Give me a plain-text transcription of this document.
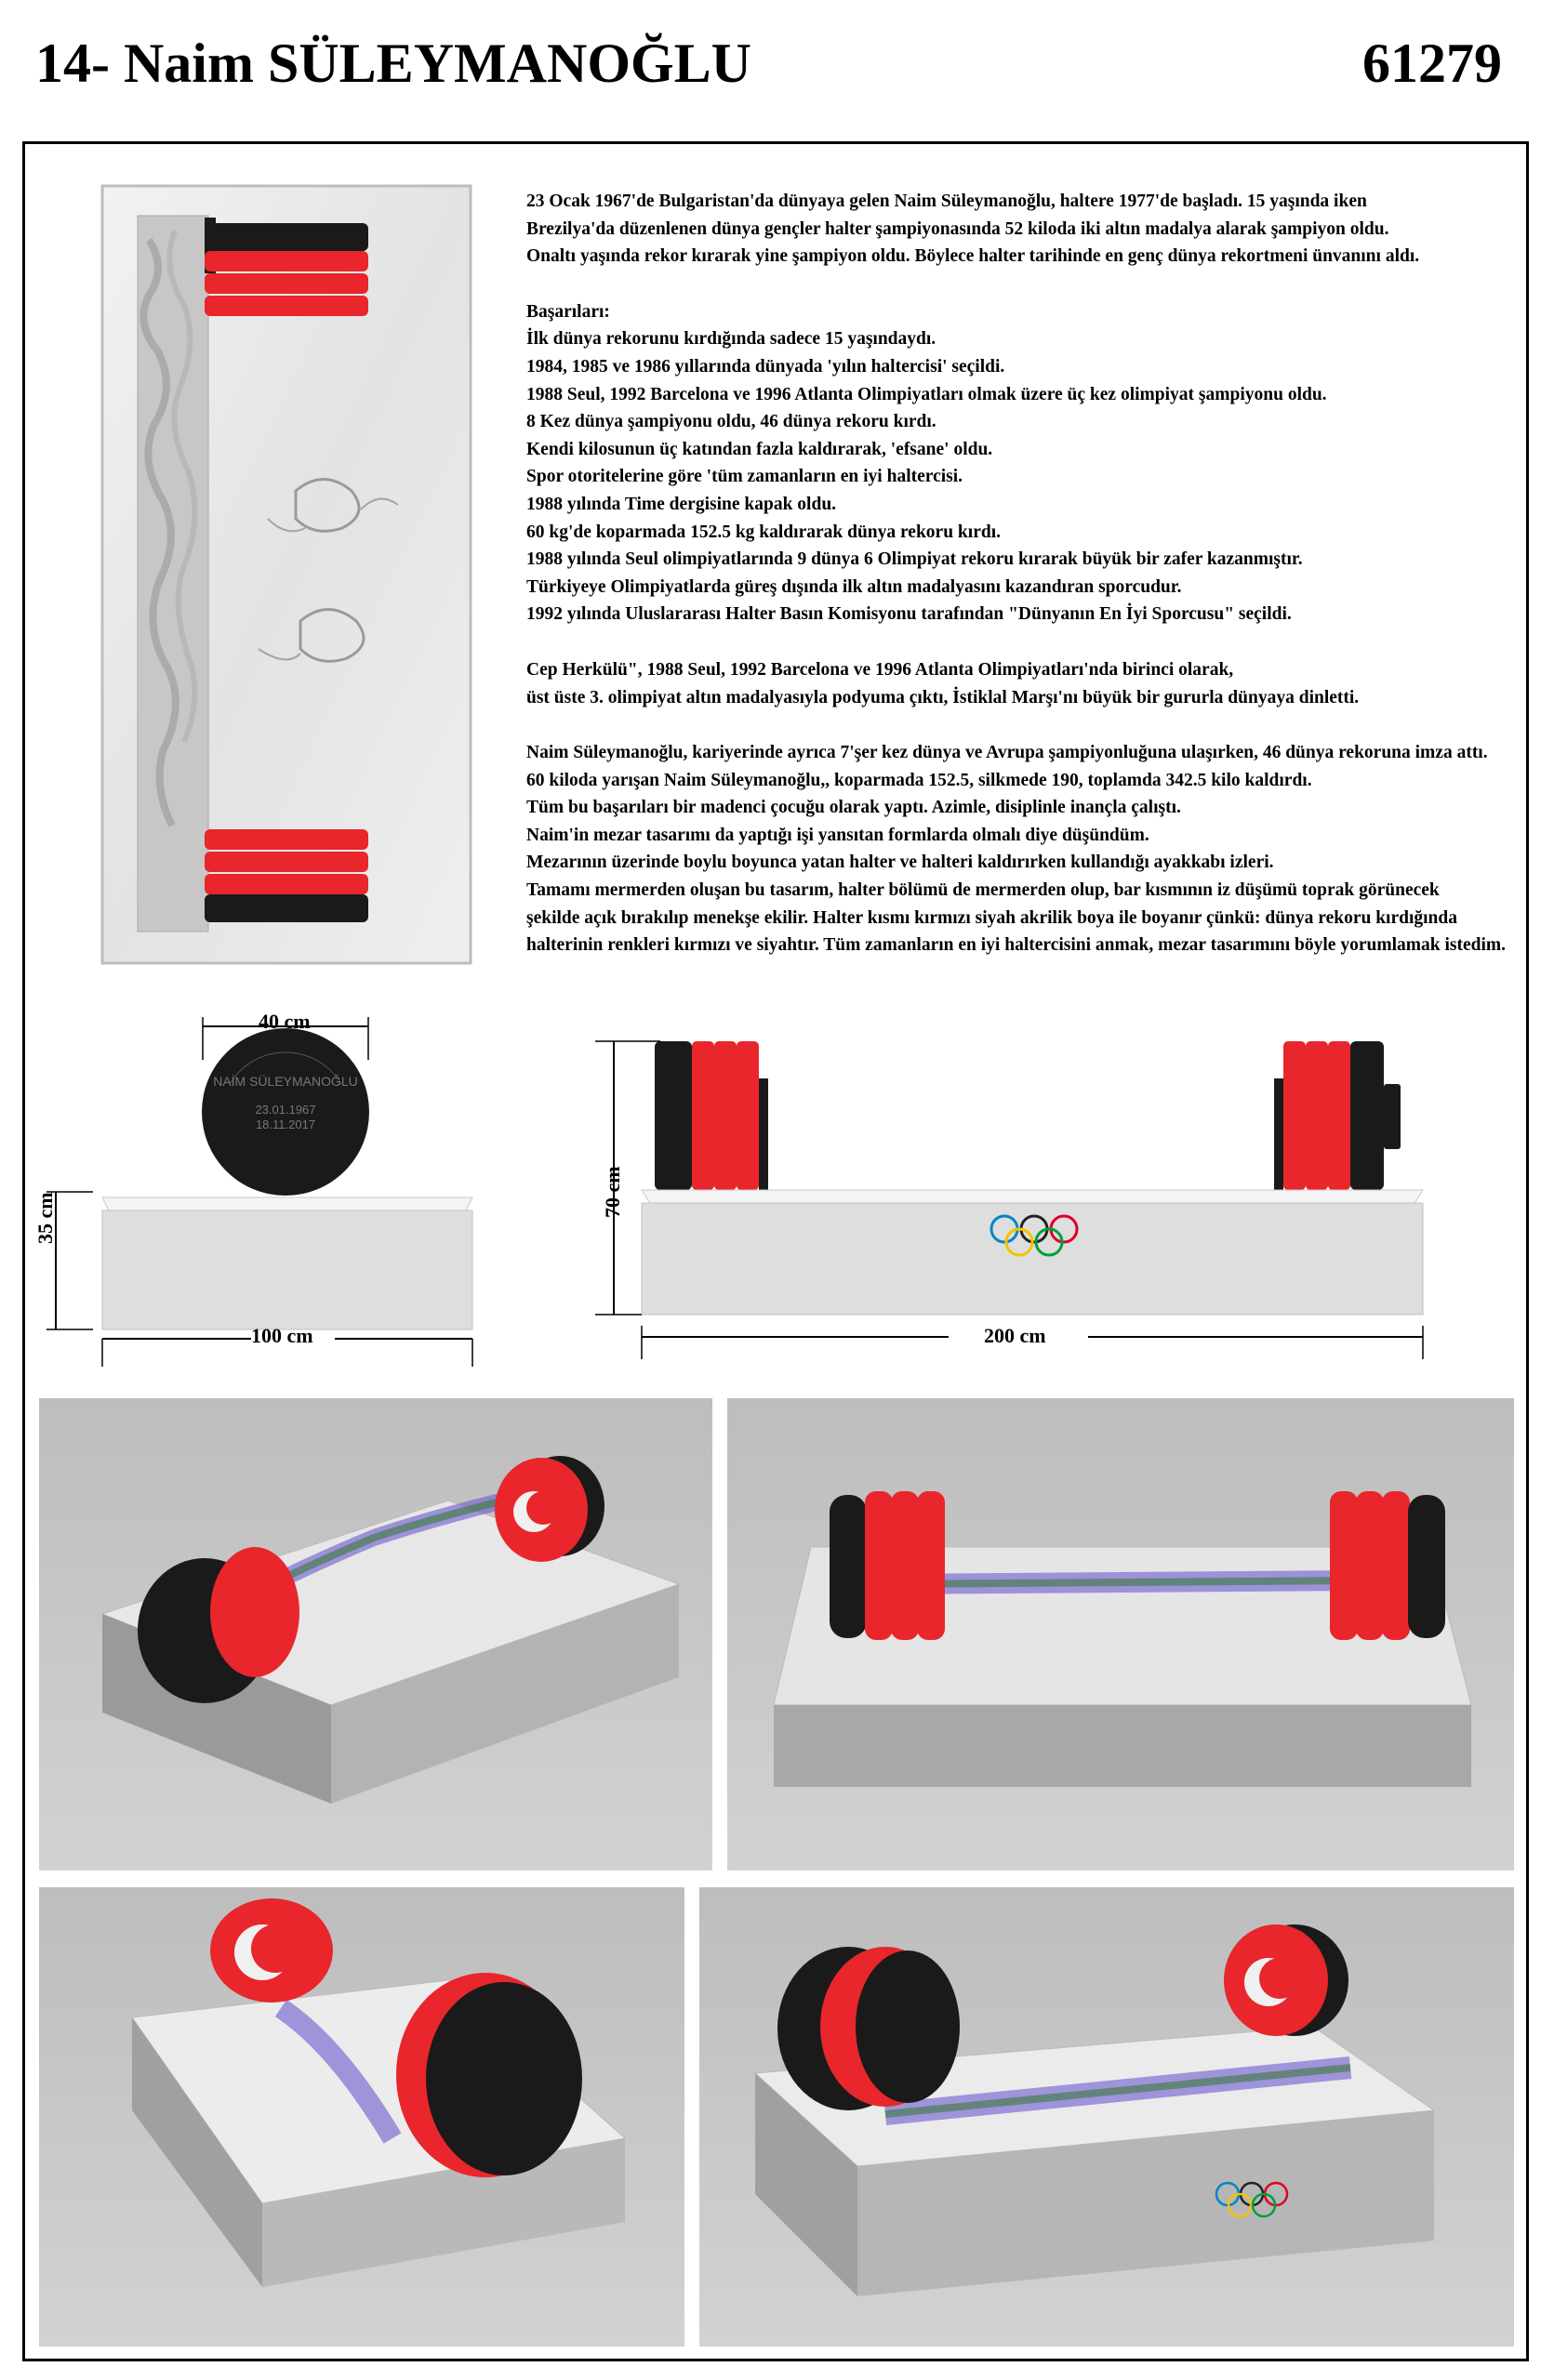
14- Naim SÜLEYMANOĞLU	61279

23 Ocak 1967'de Bulgaristan'da dünyaya gelen Naim Süleymanoğlu, haltere 1977'de başladı. 15 yaşında iken

Brezilya'da düzenlenen dünya gençler halter şampiyonasında 52 kiloda iki altın madalya alarak şampiyon oldu.

Onaltı yaşında rekor kırarak yine şampiyon oldu. Böylece halter tarihinde en genç dünya rekortmeni ünvanını aldı.

Başarıları:

İlk dünya rekorunu kırdığında sadece 15 yaşındaydı.

1984, 1985 ve 1986 yıllarında dünyada 'yılın haltercisi' seçildi.

1988 Seul, 1992 Barcelona ve 1996 Atlanta Olimpiyatları olmak üzere üç kez olimpiyat şampiyonu oldu.

8 Kez dünya şampiyonu oldu, 46 dünya rekoru kırdı.

Kendi kilosunun üç katından fazla kaldırarak, 'efsane' oldu.

Spor otoritelerine göre 'tüm zamanların en iyi haltercisi.

1988 yılında Time dergisine kapak oldu.

60 kg'de koparmada 152.5 kg kaldırarak dünya rekoru kırdı.

1988 yılında Seul olimpiyatlarında 9 dünya 6 Olimpiyat rekoru kırarak büyük bir zafer kazanmıştır.

Türkiyeye Olimpiyatlarda güreş dışında ilk altın madalyasını kazandıran sporcudur.

1992 yılında Uluslararası Halter Basın Komisyonu tarafından "Dünyanın En İyi Sporcusu" seçildi.

Cep Herkülü", 1988 Seul, 1992 Barcelona ve 1996 Atlanta Olimpiyatları'nda birinci olarak,

üst üste 3. olimpiyat altın madalyasıyla podyuma çıktı, İstiklal Marşı'nı büyük bir gururla dünyaya dinletti.

Naim Süleymanoğlu, kariyerinde ayrıca 7'şer kez dünya ve Avrupa şampiyonluğuna ulaşırken, 46 dünya rekoruna imza attı.

60 kiloda yarışan Naim Süleymanoğlu,, koparmada 152.5, silkmede 190, toplamda 342.5 kilo kaldırdı.

Tüm bu başarıları bir madenci çocuğu olarak yaptı. Azimle, disiplinle inançla çalıştı.

Naim'in mezar tasarımı da yaptığı işi yansıtan formlarda olmalı diye düşündüm.

Mezarının üzerinde boylu boyunca yatan halter ve halteri kaldırırken kullandığı ayakkabı izleri.

Tamamı mermerden oluşan bu tasarım, halter bölümü de mermerden olup, bar kısmının iz düşümü toprak görünecek

şekilde açık bırakılıp menekşe ekilir. Halter kısmı kırmızı siyah akrilik boya ile boyanır çünkü: dünya rekoru kırdığında

halterinin renkleri kırmızı ve siyahtır. Tüm zamanların en iyi haltercisini anmak, mezar tasarımını böyle yorumlamak istedim.

NAİM SÜLEYMANOĞLU
23.01.1967
18.11.2017
40 cm
35 cm
100 cm
70 cm
200 cm
